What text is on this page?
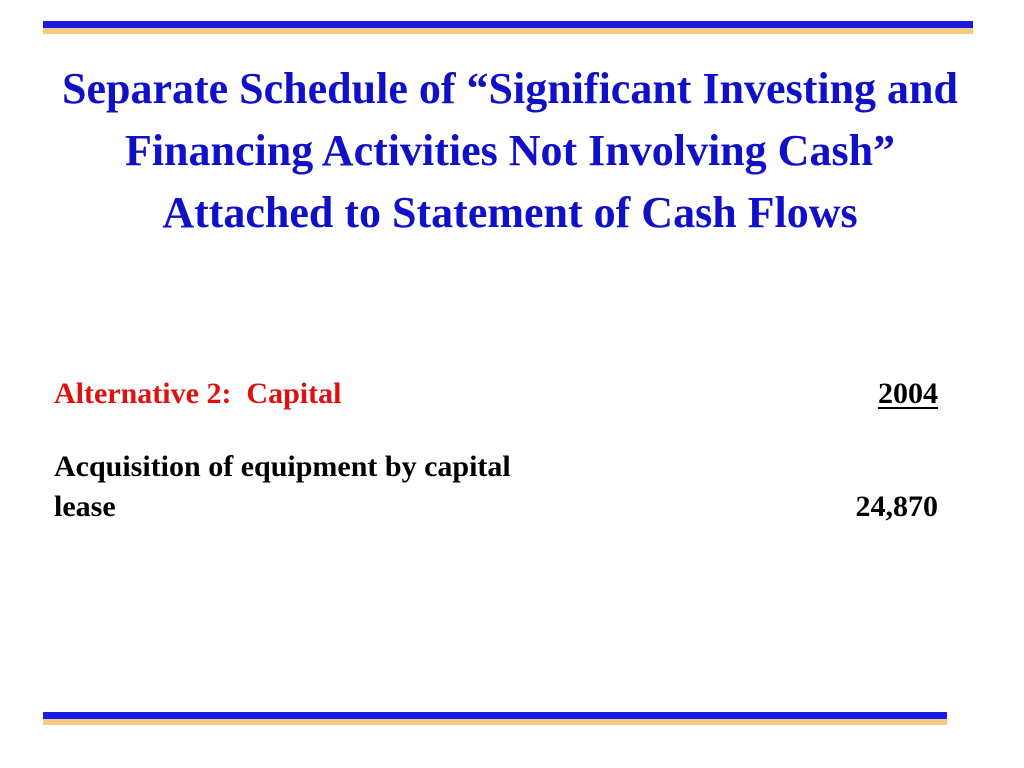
Separate Schedule of “Significant Investing and Financing Activities Not Involving Cash” Attached to Statement of Cash Flows
Alternative 2:  Capital	2004
Acquisition of equipment by capital lease	24,870
